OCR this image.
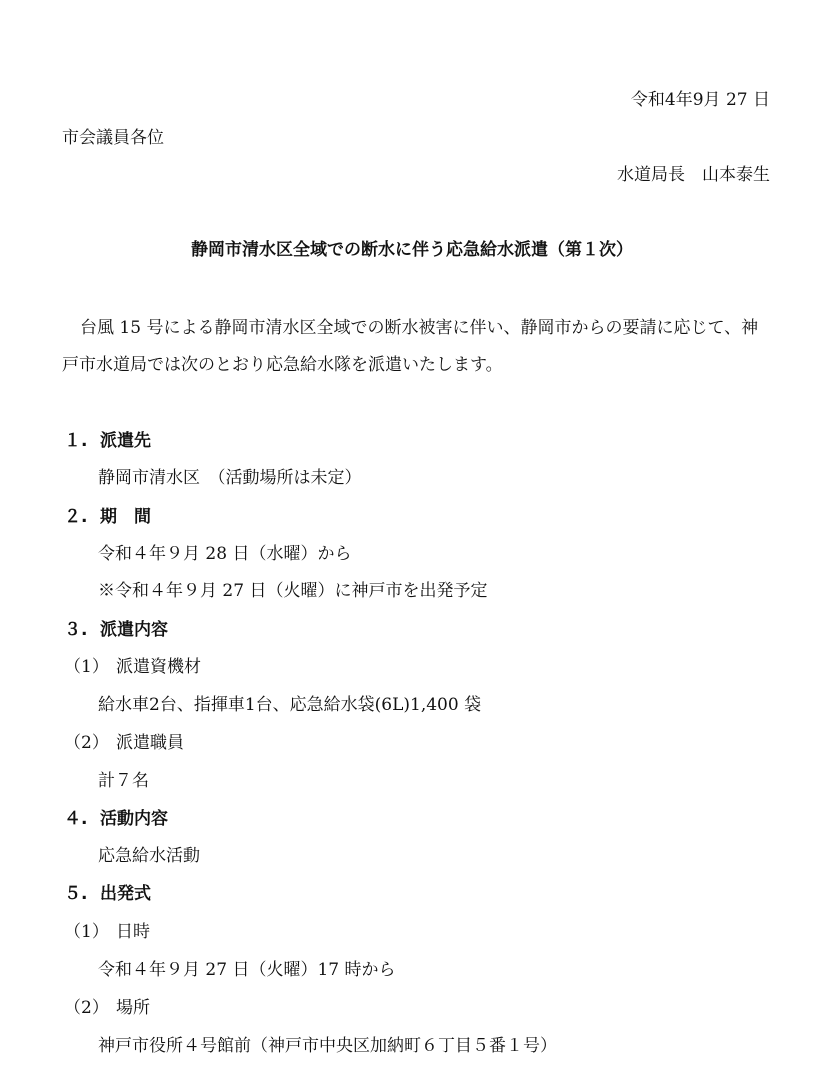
令和4年9月 27 日
市会議員各位
水道局長　山本泰生
静岡市清水区全域での断水に伴う応急給水派遣（第１次）
台風 15 号による静岡市清水区全域での断水被害に伴い、静岡市からの要請に応じて、神
戸市水道局では次のとおり応急給水隊を派遣いたします。
１. 派遣先
静岡市清水区　（活動場所は未定）
２. 期　間
令和４年９月 28 日（水曜）から
※令和４年９月 27 日（火曜）に神戸市を出発予定
３. 派遣内容
（1） 派遣資機材
給水車2台、指揮車1台、応急給水袋(6L)1,400 袋
（2） 派遣職員
計７名
４. 活動内容
応急給水活動
５. 出発式
（1） 日時
令和４年９月 27 日（火曜）17 時から
（2） 場所
神戸市役所４号館前（神戸市中央区加納町６丁目５番１号）
